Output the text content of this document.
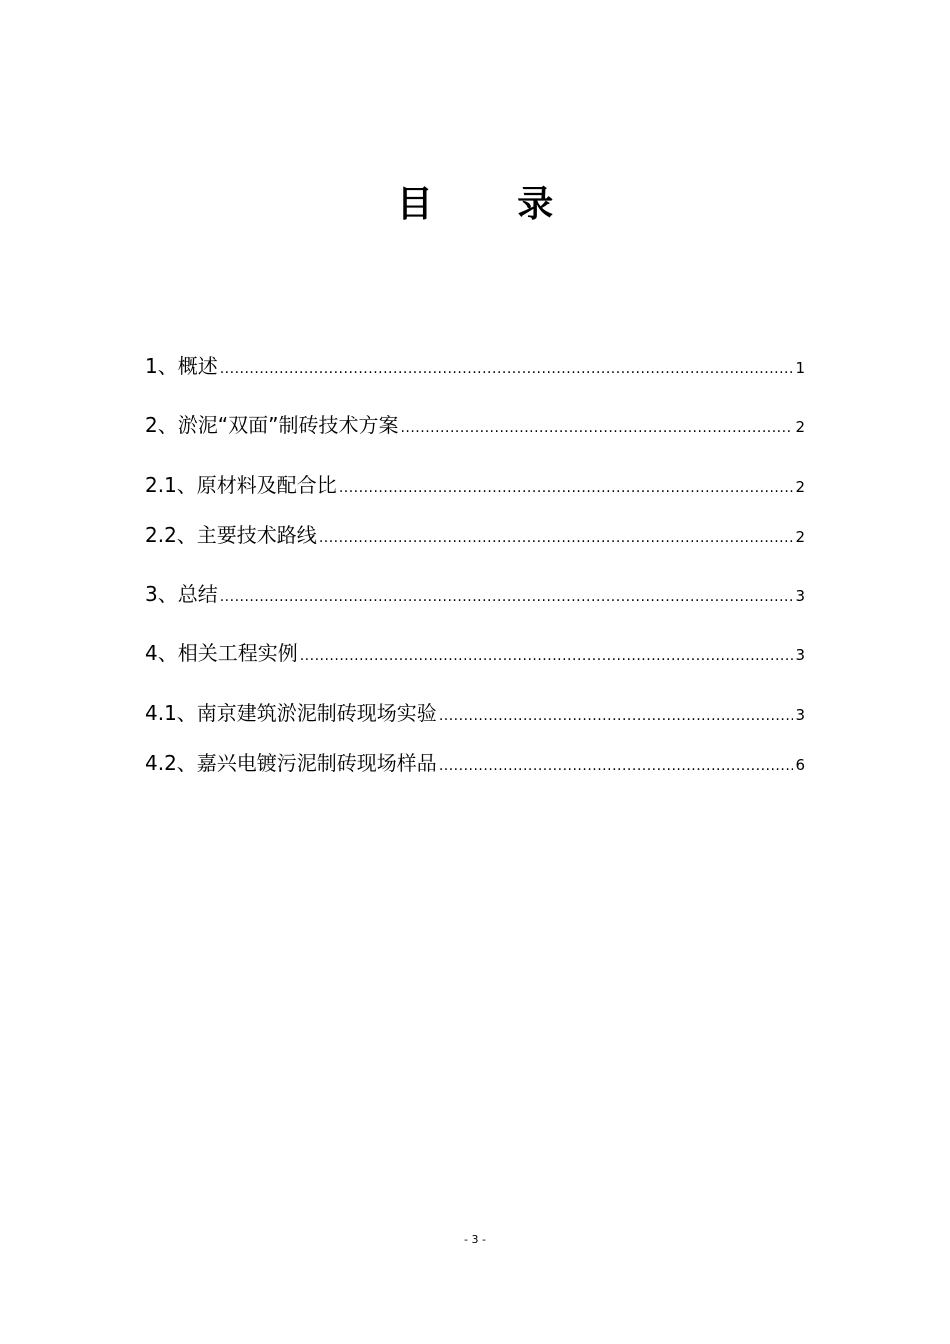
目 录
1、概述 .....	1
2、淤泥“双面”制砖技术方案 .....	2
2.1、原材料及配合比 .....	2
2.2、主要技术路线 .....	2
3、总结 .....	3
4、相关工程实例 .....	3
4.1、南京建筑淤泥制砖现场实验 .....	3
4.2、嘉兴电镀污泥制砖现场样品 .....	6
- 3 -
